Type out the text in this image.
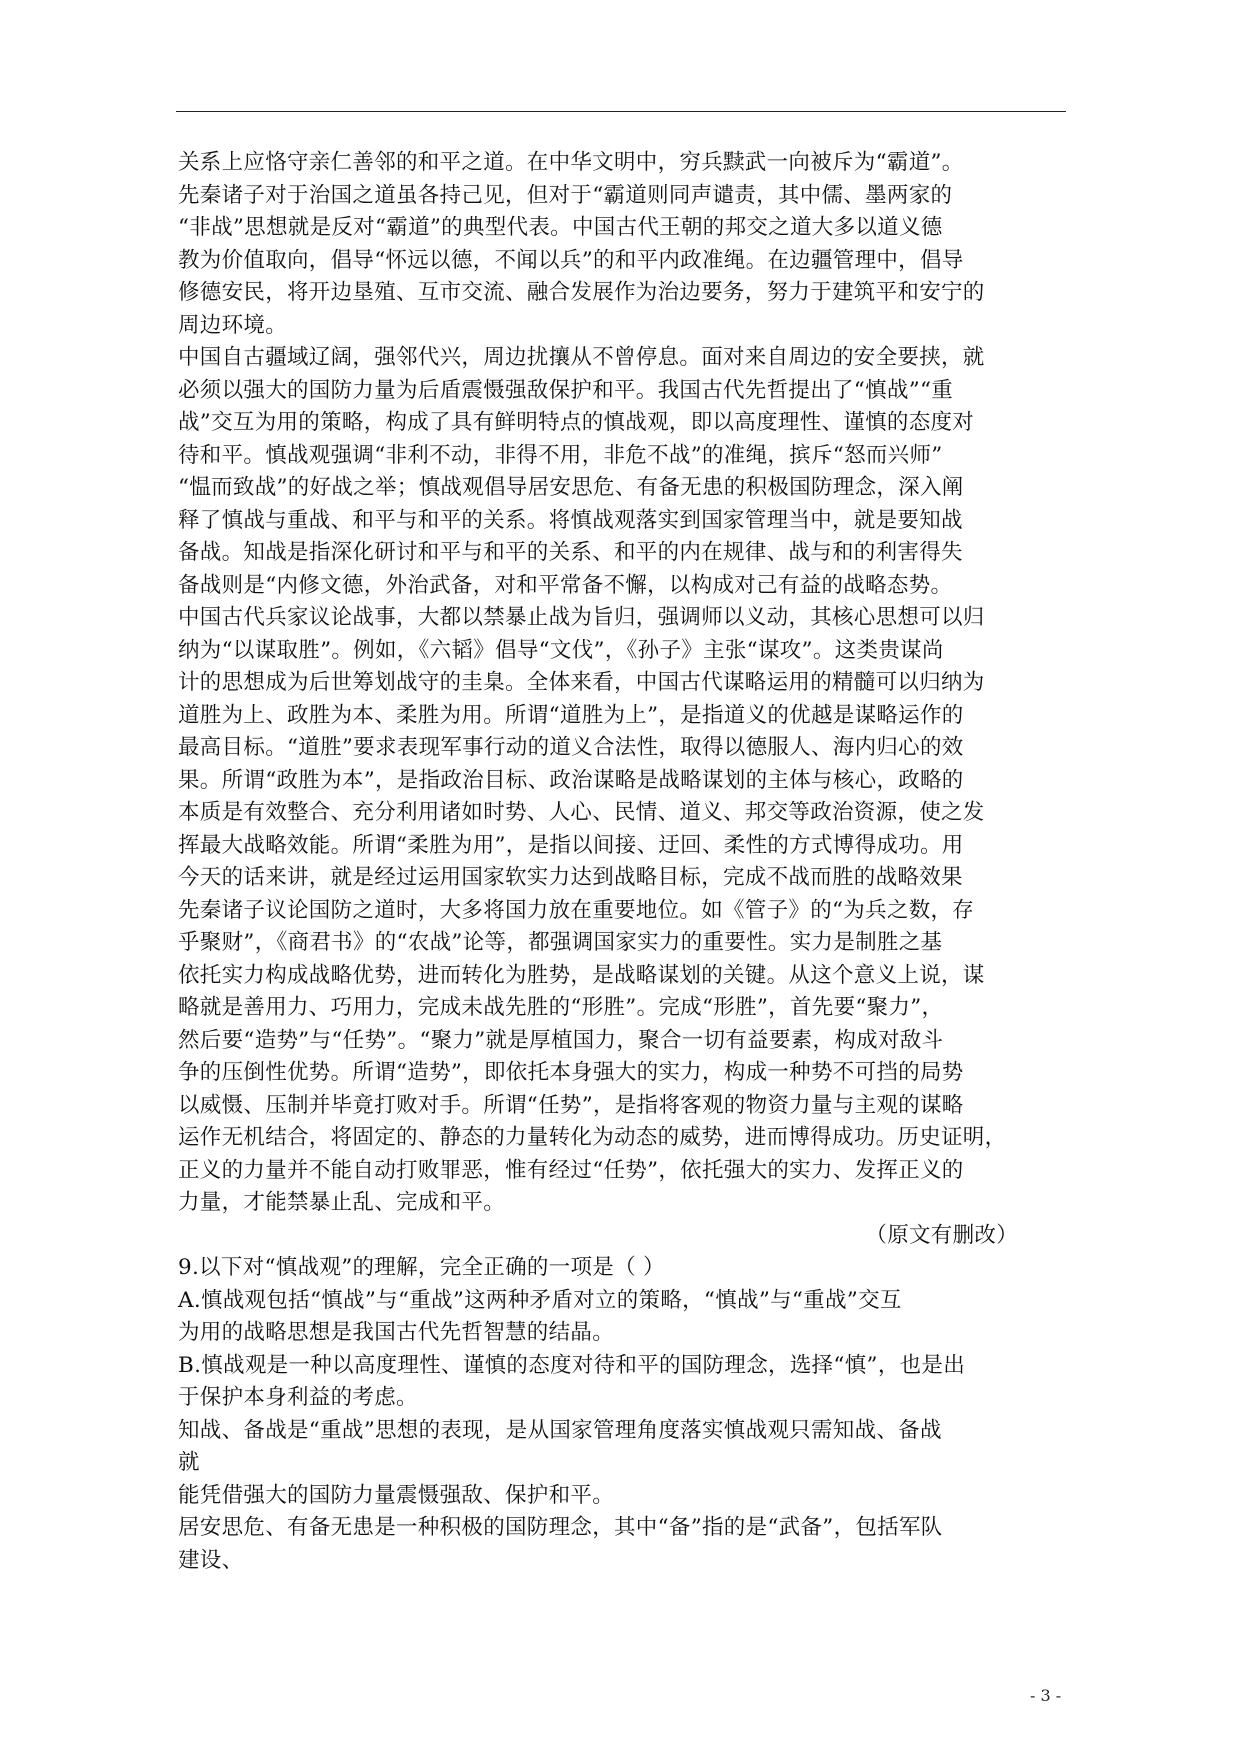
关系上应恪守亲仁善邻的和平之道。在中华文明中，穷兵黩武一向被斥为“霸道”。
先秦诸子对于治国之道虽各持己见，但对于“霸道则同声谴责，其中儒、墨两家的
“非战”思想就是反对“霸道”的典型代表。中国古代王朝的邦交之道大多以道义德
教为价值取向，倡导“怀远以德，不闻以兵”的和平内政准绳。在边疆管理中，倡导
修德安民，将开边垦殖、互市交流、融合发展作为治边要务，努力于建筑平和安宁的
周边环境。
中国自古疆域辽阔，强邻代兴，周边扰攘从不曾停息。面对来自周边的安全要挟，就
必须以强大的国防力量为后盾震慑强敌保护和平。我国古代先哲提出了“慎战”“重
战”交互为用的策略，构成了具有鲜明特点的慎战观，即以高度理性、谨慎的态度对
待和平。慎战观强调“非利不动，非得不用，非危不战”的准绳，摈斥“怒而兴师”
“愠而致战”的好战之举；慎战观倡导居安思危、有备无患的积极国防理念，深入阐
释了慎战与重战、和平与和平的关系。将慎战观落实到国家管理当中，就是要知战
备战。知战是指深化研讨和平与和平的关系、和平的内在规律、战与和的利害得失
备战则是“内修文德，外治武备，对和平常备不懈，以构成对己有益的战略态势。
中国古代兵家议论战事，大都以禁暴止战为旨归，强调师以义动，其核心思想可以归
纳为“以谋取胜”。例如，《六韬》倡导“文伐”，《孙子》主张“谋攻”。这类贵谋尚
计的思想成为后世筹划战守的圭臬。全体来看，中国古代谋略运用的精髓可以归纳为
道胜为上、政胜为本、柔胜为用。所谓“道胜为上”，是指道义的优越是谋略运作的
最高目标。“道胜”要求表现军事行动的道义合法性，取得以德服人、海内归心的效
果。所谓“政胜为本”，是指政治目标、政治谋略是战略谋划的主体与核心，政略的
本质是有效整合、充分利用诸如时势、人心、民情、道义、邦交等政治资源，使之发
挥最大战略效能。所谓“柔胜为用”，是指以间接、迂回、柔性的方式博得成功。用
今天的话来讲，就是经过运用国家软实力达到战略目标，完成不战而胜的战略效果
先秦诸子议论国防之道时，大多将国力放在重要地位。如《管子》的“为兵之数，存
乎聚财”，《商君书》的“农战”论等，都强调国家实力的重要性。实力是制胜之基
依托实力构成战略优势，进而转化为胜势，是战略谋划的关键。从这个意义上说，谋
略就是善用力、巧用力，完成未战先胜的“形胜”。完成“形胜”，首先要“聚力”，
然后要“造势”与“任势”。“聚力”就是厚植国力，聚合一切有益要素，构成对敌斗
争的压倒性优势。所谓“造势”，即依托本身强大的实力，构成一种势不可挡的局势
以威慑、压制并毕竟打败对手。所谓“任势”，是指将客观的物资力量与主观的谋略
运作无机结合，将固定的、静态的力量转化为动态的威势，进而博得成功。历史证明，
正义的力量并不能自动打败罪恶，惟有经过“任势”，依托强大的实力、发挥正义的
力量，才能禁暴止乱、完成和平。
（原文有删改）
9.以下对“慎战观”的理解，完全正确的一项是（ ）
A.慎战观包括“慎战”与“重战”这两种矛盾对立的策略，“慎战”与“重战”交互
为用的战略思想是我国古代先哲智慧的结晶。
B.慎战观是一种以高度理性、谨慎的态度对待和平的国防理念，选择“慎”，也是出
于保护本身利益的考虑。
知战、备战是“重战”思想的表现，是从国家管理角度落实慎战观只需知战、备战
就
能凭借强大的国防力量震慑强敌、保护和平。
居安思危、有备无患是一种积极的国防理念，其中“备”指的是“武备”，包括军队
建设、
- 3 -
